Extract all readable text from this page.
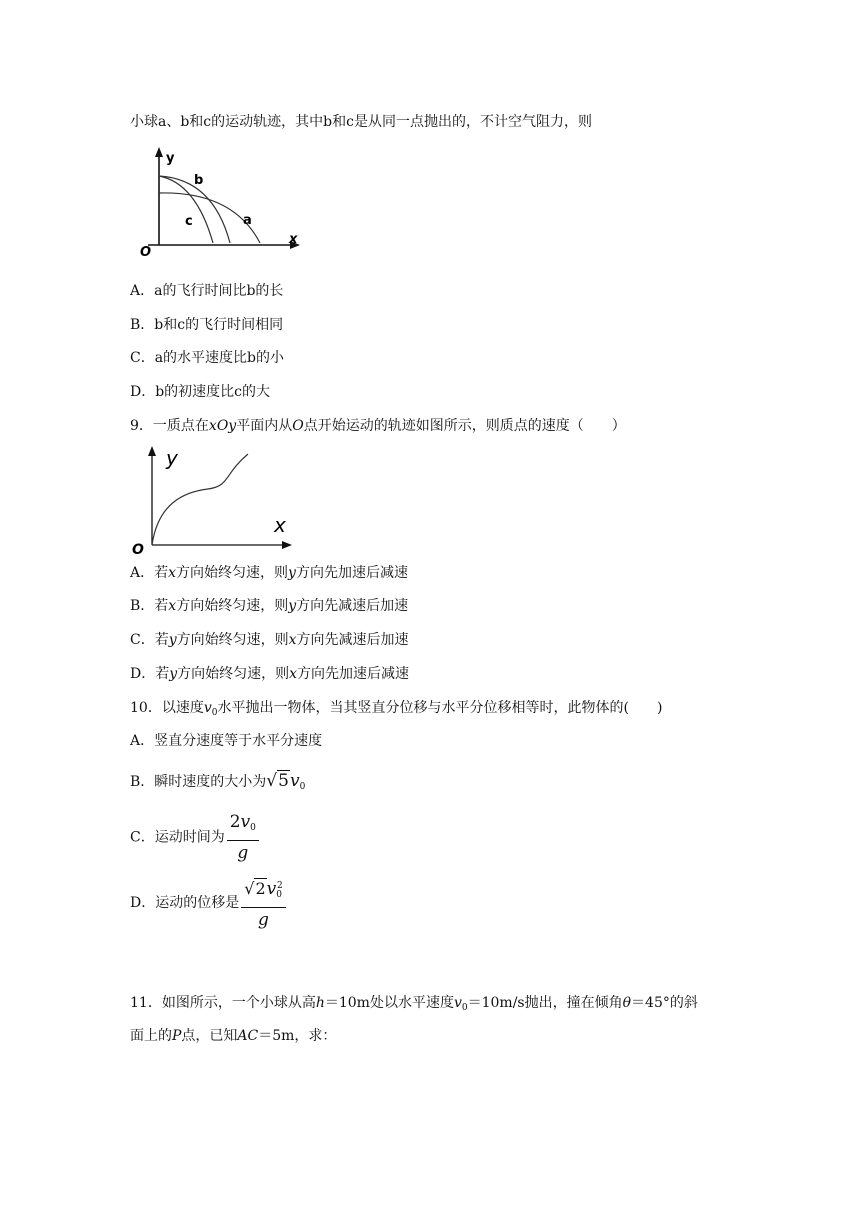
小球a、b和c的运动轨迹，其中b和c是从同一点抛出的，不计空气阻力，则
y
x
O
b
c	a
A．a的飞行时间比b的长
B．b和c的飞行时间相同
C．a的水平速度比b的小
D．b的初速度比c的大
9．一质点在xOy平面内从O点开始运动的轨迹如图所示，则质点的速度（　　）
y
x
O
A．若x方向始终匀速，则y方向先加速后减速
B．若x方向始终匀速，则y方向先减速后加速
C．若y方向始终匀速，则x方向先减速后加速
D．若y方向始终匀速，则x方向先加速后减速
10．以速度$v_0$水平抛出一物体，当其竖直分位移与水平分位移相等时，此物体的(　　)
A．竖直分速度等于水平分速度
B．瞬时速度的大小为$√5v_0$
C．运动时间为 $\frac{2v_0}{g}$
D．运动的位移是 $\frac{√2v_0^2}{g}$
11．如图所示，一个小球从高h＝10m处以水平速度$v_0=10m/s$抛出，撞在倾角θ＝45°的斜
面上的P点，已知AC＝5m，求：
